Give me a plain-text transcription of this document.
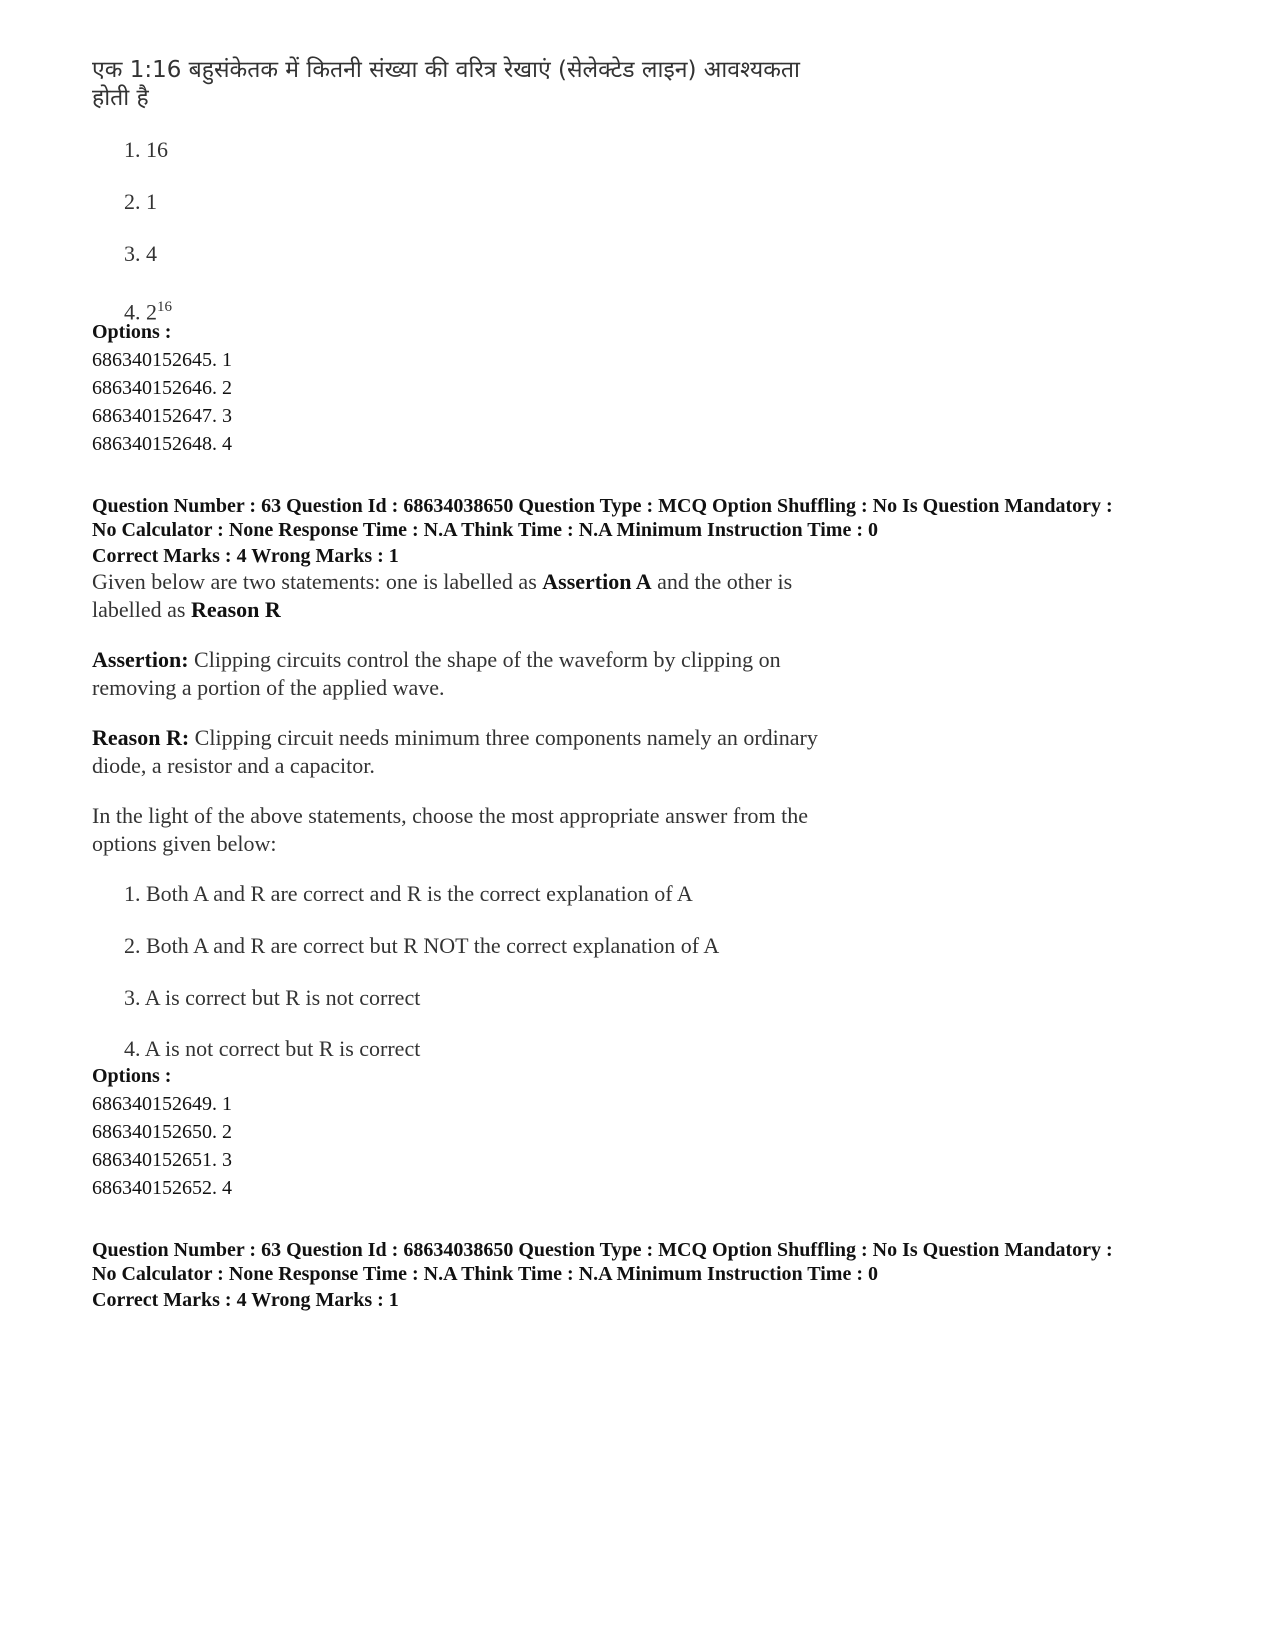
एक 1:16 बहुसंकेतक में कितनी संख्या की वरित्र रेखाएं (सेलेक्टेड लाइन) आवश्यकता
होती है
1. 16
2. 1
3. 4
4. $2^{16}$
Options :
686340152645. 1
686340152646. 2
686340152647. 3
686340152648. 4
Question Number : 63 Question Id : 68634038650 Question Type : MCQ Option Shuffling : No Is Question Mandatory :
No Calculator : None Response Time : N.A Think Time : N.A Minimum Instruction Time : 0
Correct Marks : 4 Wrong Marks : 1
Given below are two statements: one is labelled as Assertion A and the other is
labelled as Reason R
Assertion: Clipping circuits control the shape of the waveform by clipping on
removing a portion of the applied wave.
Reason R: Clipping circuit needs minimum three components namely an ordinary
diode, a resistor and a capacitor.
In the light of the above statements, choose the most appropriate answer from the
options given below:
1. Both A and R are correct and R is the correct explanation of A
2. Both A and R are correct but R NOT the correct explanation of A
3. A is correct but R is not correct
4. A is not correct but R is correct
Options :
686340152649. 1
686340152650. 2
686340152651. 3
686340152652. 4
Question Number : 63 Question Id : 68634038650 Question Type : MCQ Option Shuffling : No Is Question Mandatory :
No Calculator : None Response Time : N.A Think Time : N.A Minimum Instruction Time : 0
Correct Marks : 4 Wrong Marks : 1
